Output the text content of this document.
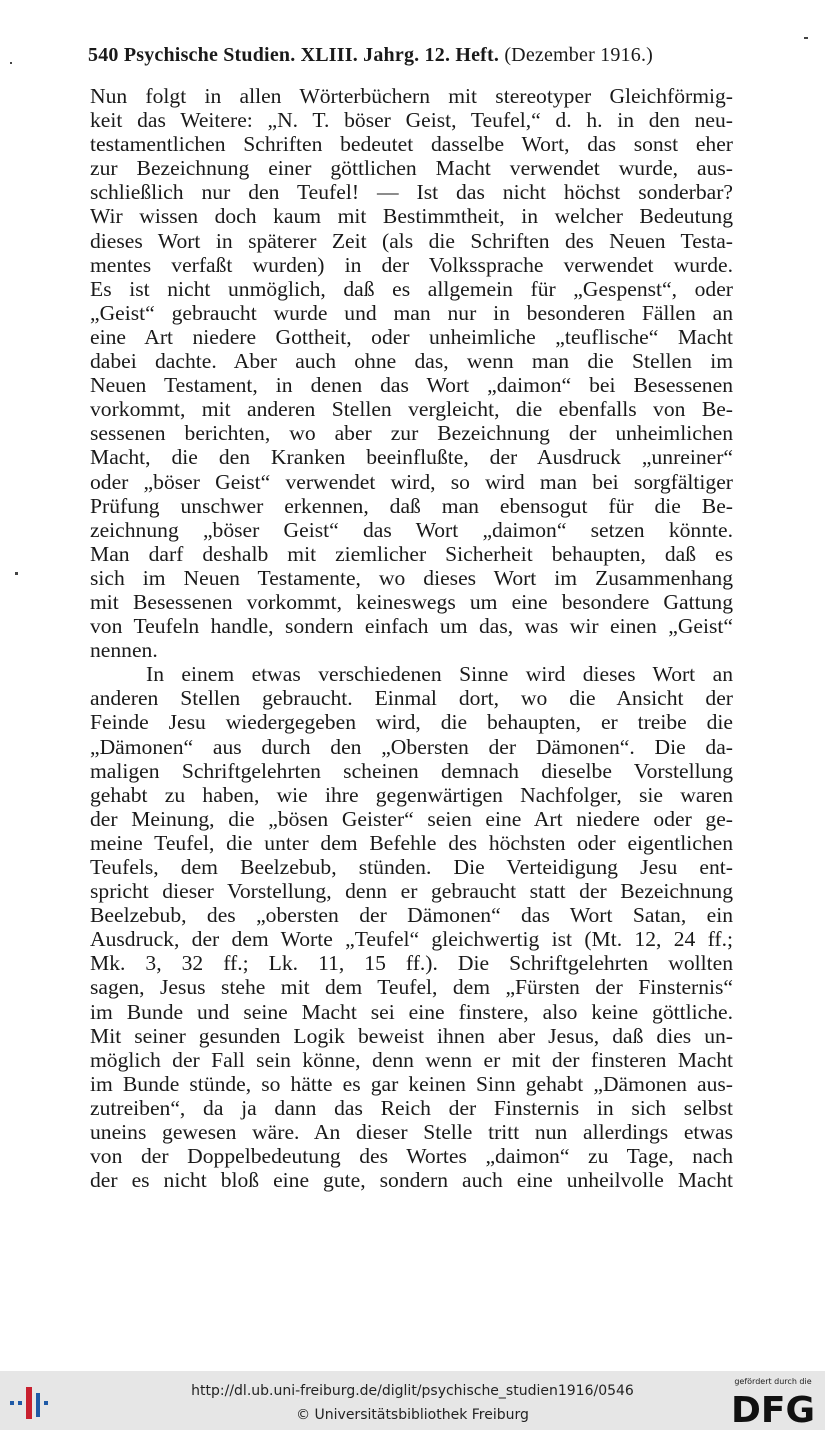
540 Psychische Studien. XLIII. Jahrg. 12. Heft. (Dezember 1916.)
Nun folgt in allen Wörterbüchern mit stereotyper Gleichförmig-
keit das Weitere: „N. T. böser Geist, Teufel,“ d. h. in den neu-
testamentlichen Schriften bedeutet dasselbe Wort, das sonst eher
zur Bezeichnung einer göttlichen Macht verwendet wurde, aus-
schließlich nur den Teufel! — Ist das nicht höchst sonderbar?
Wir wissen doch kaum mit Bestimmtheit, in welcher Bedeutung
dieses Wort in späterer Zeit (als die Schriften des Neuen Testa-
mentes verfaßt wurden) in der Volkssprache verwendet wurde.
Es ist nicht unmöglich, daß es allgemein für „Gespenst“, oder
„Geist“ gebraucht wurde und man nur in besonderen Fällen an
eine Art niedere Gottheit, oder unheimliche „teuflische“ Macht
dabei dachte. Aber auch ohne das, wenn man die Stellen im
Neuen Testament, in denen das Wort „daimon“ bei Besessenen
vorkommt, mit anderen Stellen vergleicht, die ebenfalls von Be-
sessenen berichten, wo aber zur Bezeichnung der unheimlichen
Macht, die den Kranken beeinflußte, der Ausdruck „unreiner“
oder „böser Geist“ verwendet wird, so wird man bei sorgfältiger
Prüfung unschwer erkennen, daß man ebensogut für die Be-
zeichnung „böser Geist“ das Wort „daimon“ setzen könnte.
Man darf deshalb mit ziemlicher Sicherheit behaupten, daß es
sich im Neuen Testamente, wo dieses Wort im Zusammenhang
mit Besessenen vorkommt, keineswegs um eine besondere Gattung
von Teufeln handle, sondern einfach um das, was wir einen „Geist“
nennen.
In einem etwas verschiedenen Sinne wird dieses Wort an
anderen Stellen gebraucht. Einmal dort, wo die Ansicht der
Feinde Jesu wiedergegeben wird, die behaupten, er treibe die
„Dämonen“ aus durch den „Obersten der Dämonen“. Die da-
maligen Schriftgelehrten scheinen demnach dieselbe Vorstellung
gehabt zu haben, wie ihre gegenwärtigen Nachfolger, sie waren
der Meinung, die „bösen Geister“ seien eine Art niedere oder ge-
meine Teufel, die unter dem Befehle des höchsten oder eigentlichen
Teufels, dem Beelzebub, stünden. Die Verteidigung Jesu ent-
spricht dieser Vorstellung, denn er gebraucht statt der Bezeichnung
Beelzebub, des „obersten der Dämonen“ das Wort Satan, ein
Ausdruck, der dem Worte „Teufel“ gleichwertig ist (Mt. 12, 24 ff.;
Mk. 3, 32 ff.; Lk. 11, 15 ff.). Die Schriftgelehrten wollten
sagen, Jesus stehe mit dem Teufel, dem „Fürsten der Finsternis“
im Bunde und seine Macht sei eine finstere, also keine göttliche.
Mit seiner gesunden Logik beweist ihnen aber Jesus, daß dies un-
möglich der Fall sein könne, denn wenn er mit der finsteren Macht
im Bunde stünde, so hätte es gar keinen Sinn gehabt „Dämonen aus-
zutreiben“, da ja dann das Reich der Finsternis in sich selbst
uneins gewesen wäre. An dieser Stelle tritt nun allerdings etwas
von der Doppelbedeutung des Wortes „daimon“ zu Tage, nach
der es nicht bloß eine gute, sondern auch eine unheilvolle Macht
http://dl.ub.uni-freiburg.de/diglit/psychische_studien1916/0546
© Universitätsbibliothek Freiburg
gefördert durch die
DFG
